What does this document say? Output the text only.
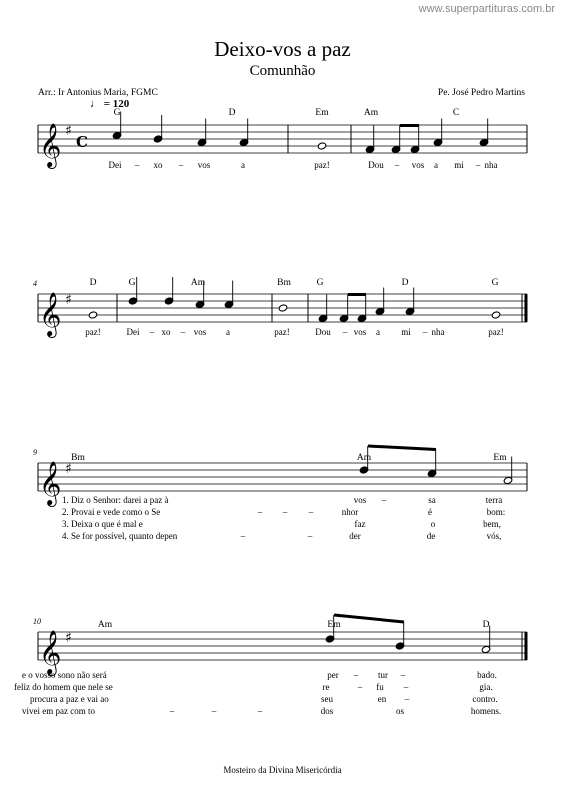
www.superpartituras.com.br
Deixo-vos a paz
Comunhão
Arr.: Ir Antonius Maria, FGMC	Pe. José Pedro Martins
♩ = 120
𝄞 ♯
C
𝄞 ♯
𝄞 ♯
𝄞 ♯
G	D	Em	Am	C
Dei – xo – vos	a	paz!	Dou – vos a mi – nha
4	D	G	Am	Bm	G	D	G
paz!	Dei – xo – vos a	paz!	Dou – vos a mi – nha	paz!
9
Bm	Am	Em
1. Diz o Senhor: darei a paz à	vos –	sa	terra
2. Provai e vede como o Se	– – –	nhor	é	bom:
3. Deixa o que é mal e	faz	o	bem,
4. Se for possível, quanto depen	–	–	der	de	vós,
10	Am	Em	D
e o vosso sono não será	per – tur –	bado.
feliz do homem que nele se	re	– fu –	gia.
procura a paz e vai ao	seu	en –	contro.
vivei em paz com to	–	–	–	dos	os	homens.
Mosteiro da Divina Misericórdia
